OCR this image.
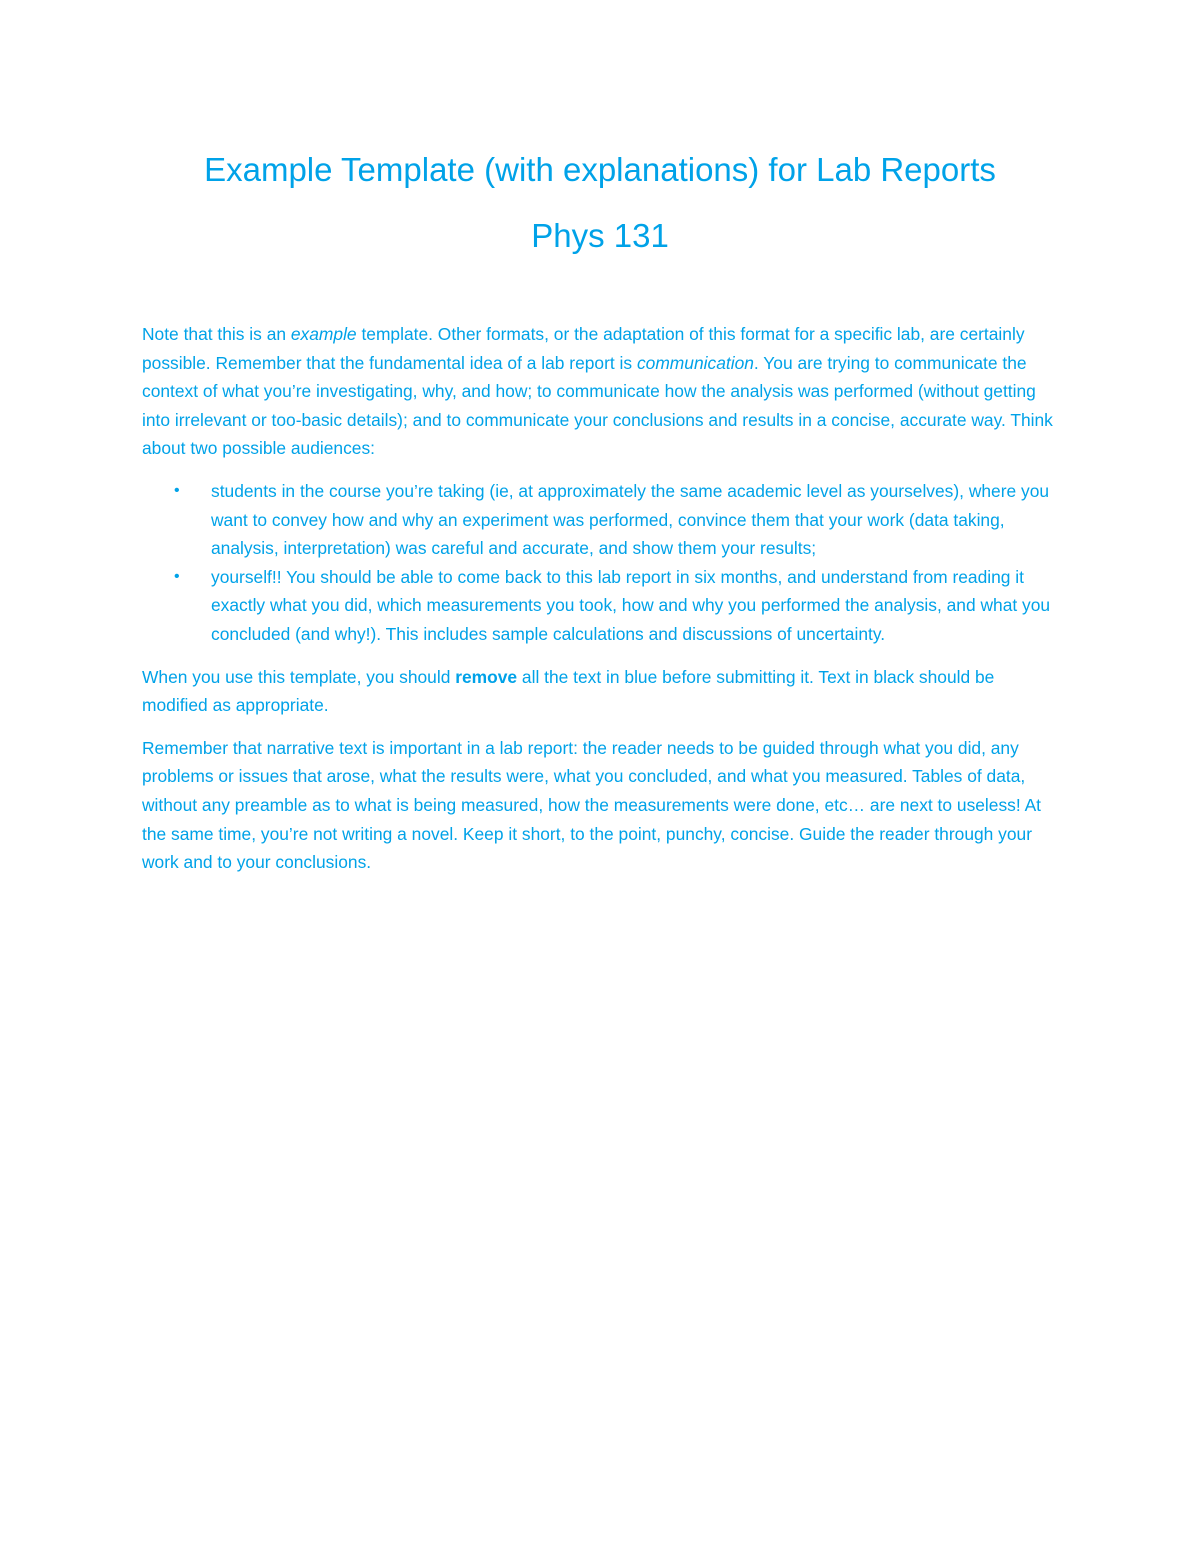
Example Template (with explanations) for Lab Reports
Phys 131

Note that this is an example template. Other formats, or the adaptation of this format for a specific lab, are certainly possible. Remember that the fundamental idea of a lab report is communication. You are trying to communicate the context of what you’re investigating, why, and how; to communicate how the analysis was performed (without getting into irrelevant or too-basic details); and to communicate your conclusions and results in a concise, accurate way. Think about two possible audiences:

• students in the course you’re taking (ie, at approximately the same academic level as yourselves), where you want to convey how and why an experiment was performed, convince them that your work (data taking, analysis, interpretation) was careful and accurate, and show them your results;
• yourself!! You should be able to come back to this lab report in six months, and understand from reading it exactly what you did, which measurements you took, how and why you performed the analysis, and what you concluded (and why!). This includes sample calculations and discussions of uncertainty.

When you use this template, you should remove all the text in blue before submitting it. Text in black should be modified as appropriate.

Remember that narrative text is important in a lab report: the reader needs to be guided through what you did, any problems or issues that arose, what the results were, what you concluded, and what you measured. Tables of data, without any preamble as to what is being measured, how the measurements were done, etc… are next to useless! At the same time, you’re not writing a novel. Keep it short, to the point, punchy, concise. Guide the reader through your work and to your conclusions.
